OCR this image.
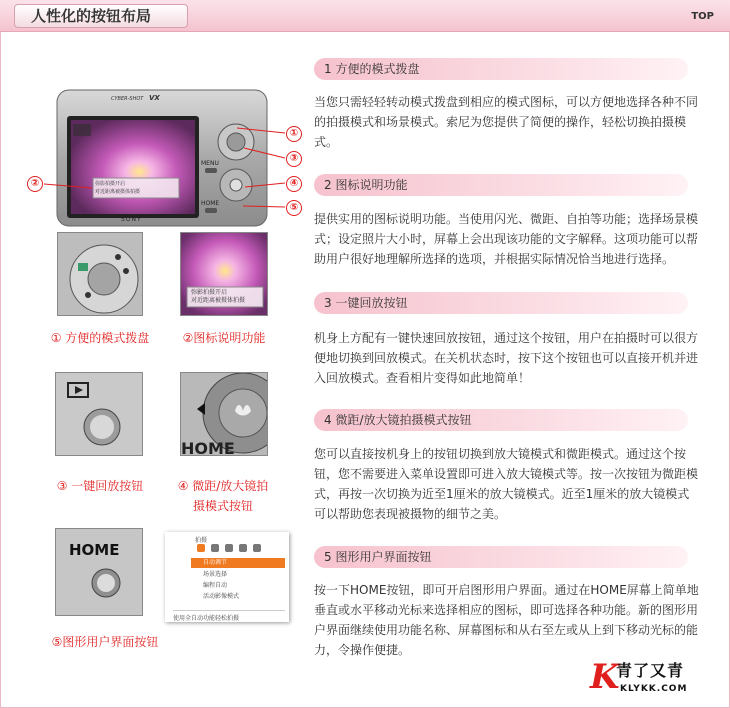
人性化的按钮布局	TOP
CYBER-SHOT VX
SONY
MENU
HOME
弥影拍摄开启
对近距离被摄体拍摄
①
②
③
④
⑤
弥影拍摄开启
对近距离被摄体拍摄
① 方便的模式拨盘	②图标说明功能
HOME
③ 一键回放按钮	④ 微距/放大镜拍
摄模式按钮
HOME
拍摄
自动调节
场景选择
编程自动
活动影像模式
使用全自动功能轻松拍摄
⑤图形用户界面按钮
1 方便的模式拨盘
当您只需轻轻转动模式拨盘到相应的模式图标，可以方便地选择各种不同的拍摄模式和场景模式。索尼为您提供了简便的操作，轻松切换拍摄模式。
2 图标说明功能
提供实用的图标说明功能。当使用闪光、微距、自拍等功能；选择场景模式；设定照片大小时，屏幕上会出现该功能的文字解释。这项功能可以帮助用户很好地理解所选择的选项，并根据实际情况恰当地进行选择。
3 一键回放按钮
机身上方配有一键快速回放按钮，通过这个按钮，用户在拍摄时可以很方便地切换到回放模式。在关机状态时，按下这个按钮也可以直接开机并进入回放模式。查看相片变得如此地简单！
4 微距/放大镜拍摄模式按钮
您可以直接按机身上的按钮切换到放大镜模式和微距模式。通过这个按钮，您不需要进入菜单设置即可进入放大镜模式等。按一次按钮为微距模式，再按一次切换为近至1厘米的放大镜模式。近至1厘米的放大镜模式可以帮助您表现被摄物的细节之美。
5 图形用户界面按钮
按一下HOME按钮，即可开启图形用户界面。通过在HOME屏幕上简单地垂直或水平移动光标来选择相应的图标，即可选择各种功能。新的图形用户界面继续使用功能名称、屏幕图标和从右至左或从上到下移动光标的能力，令操作便捷。
K
青了又青
KLYKK.COM
